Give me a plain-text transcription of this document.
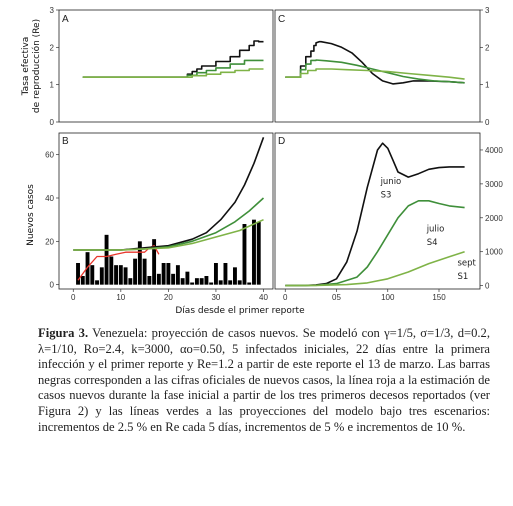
Tasa efectivade reproducción (Re)
Nuevos casos
Días desde el primer reporte
A
0
1
2
3
C
0
1
2
3
B
0
20
40
60
0	10	20	30	40
D
0
1000
2000
3000
4000
0	05	100	150
junio
S3
julio
S4
sept
S1
Figura 3. Venezuela: proyección de casos nuevos. Se modeló con γ=1/5, σ=1/3, d=0.2, λ=1/10, Ro=2.4, k=3000, αo=0.50, 5 infectados iniciales, 22 días entre la primera infección y el primer reporte y Re=1.2 a partir de este reporte el 13 de marzo. Las barras negras corresponden a las cifras oficiales de nuevos casos, la línea roja a la estimación de casos nuevos durante la fase inicial a partir de los tres primeros decesos reportados (ver Figura 2) y las líneas verdes a las proyecciones del modelo bajo tres escenarios: incrementos de 2.5 % en Re cada 5 días, incrementos de 5 % e incrementos de 10 %.
